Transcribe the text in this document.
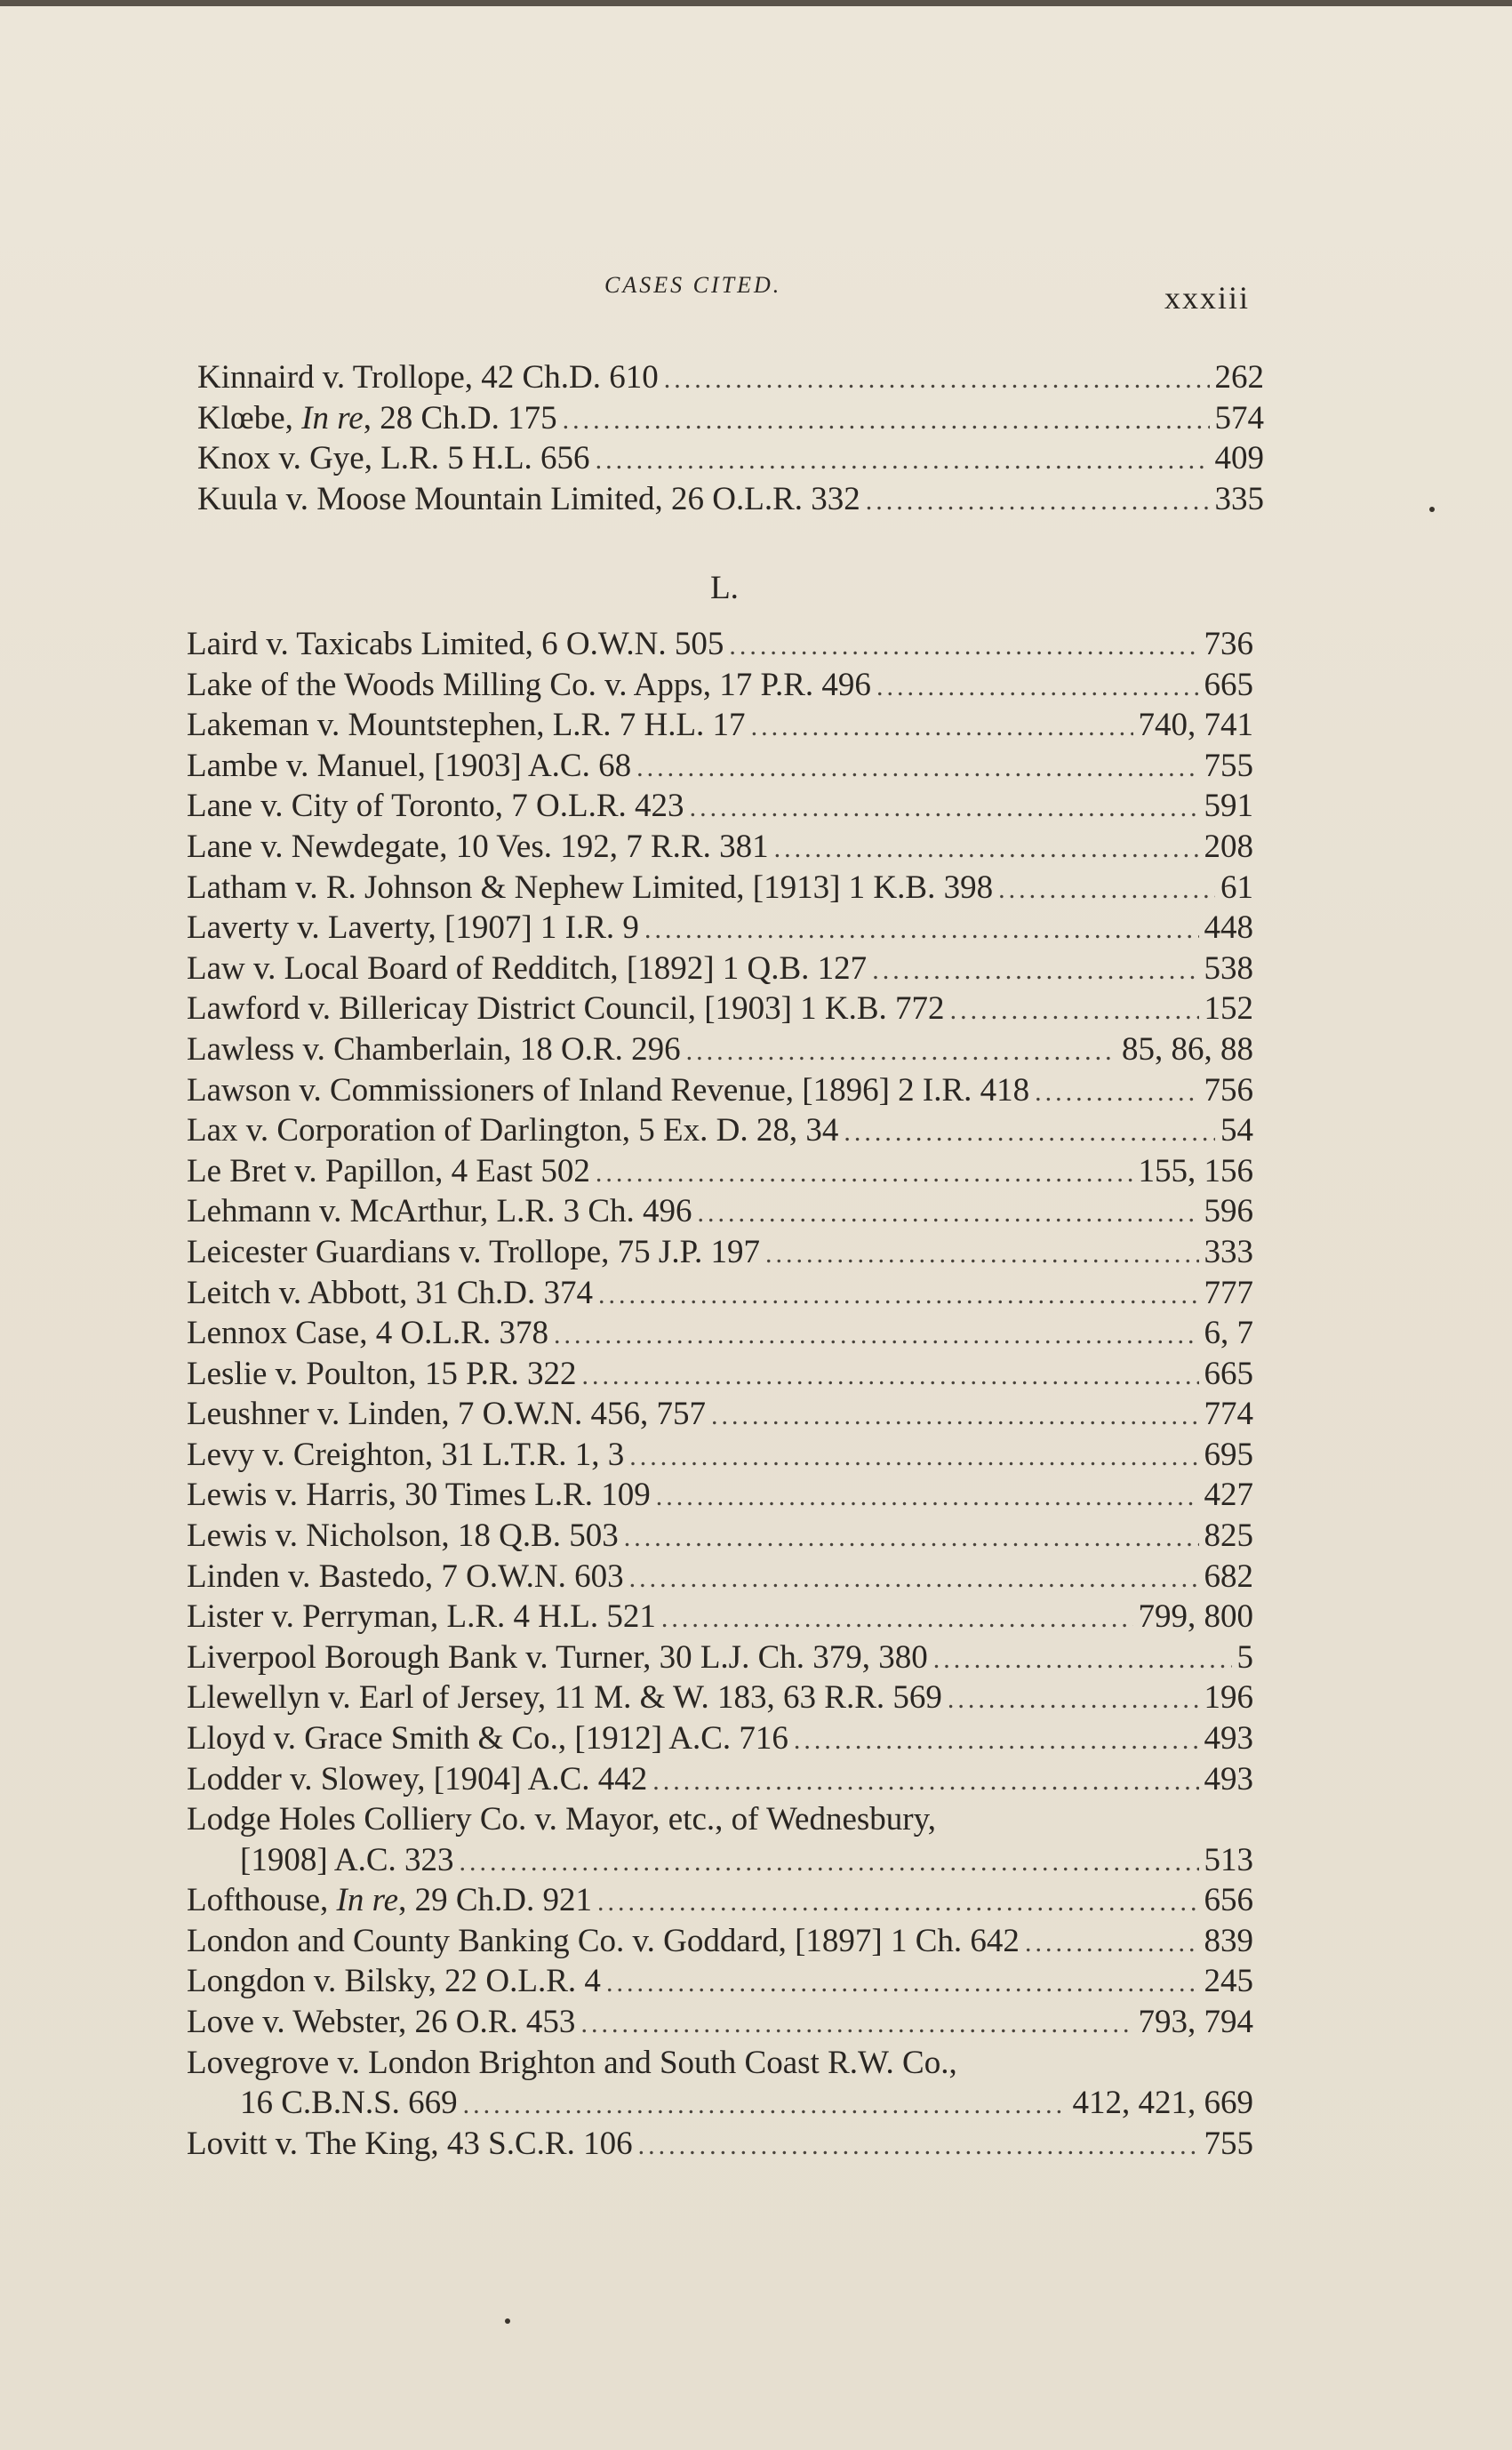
CASES CITED.	xxxiii
Kinnaird v. Trollope, 42 Ch.D. 610 .....	262
Klœbe, In re, 28 Ch.D. 175 .....	574
Knox v. Gye, L.R. 5 H.L. 656 .....	409
Kuula v. Moose Mountain Limited, 26 O.L.R. 332 .....	335
L.
Laird v. Taxicabs Limited, 6 O.W.N. 505 .....	736
Lake of the Woods Milling Co. v. Apps, 17 P.R. 496 .....	665
Lakeman v. Mountstephen, L.R. 7 H.L. 17 .....	740, 741
Lambe v. Manuel, [1903] A.C. 68 .....	755
Lane v. City of Toronto, 7 O.L.R. 423 .....	591
Lane v. Newdegate, 10 Ves. 192, 7 R.R. 381 .....	208
Latham v. R. Johnson & Nephew Limited, [1913] 1 K.B. 398 .....	61
Laverty v. Laverty, [1907] 1 I.R. 9 .....	448
Law v. Local Board of Redditch, [1892] 1 Q.B. 127 .....	538
Lawford v. Billericay District Council, [1903] 1 K.B. 772 .....	152
Lawless v. Chamberlain, 18 O.R. 296 .....	85, 86, 88
Lawson v. Commissioners of Inland Revenue, [1896] 2 I.R. 418 .....	756
Lax v. Corporation of Darlington, 5 Ex. D. 28, 34 .....	54
Le Bret v. Papillon, 4 East 502 .....	155, 156
Lehmann v. McArthur, L.R. 3 Ch. 496 .....	596
Leicester Guardians v. Trollope, 75 J.P. 197 .....	333
Leitch v. Abbott, 31 Ch.D. 374 .....	777
Lennox Case, 4 O.L.R. 378 .....	6, 7
Leslie v. Poulton, 15 P.R. 322 .....	665
Leushner v. Linden, 7 O.W.N. 456, 757 .....	774
Levy v. Creighton, 31 L.T.R. 1, 3 .....	695
Lewis v. Harris, 30 Times L.R. 109 .....	427
Lewis v. Nicholson, 18 Q.B. 503 .....	825
Linden v. Bastedo, 7 O.W.N. 603 .....	682
Lister v. Perryman, L.R. 4 H.L. 521 .....	799, 800
Liverpool Borough Bank v. Turner, 30 L.J. Ch. 379, 380 .....	5
Llewellyn v. Earl of Jersey, 11 M. & W. 183, 63 R.R. 569 .....	196
Lloyd v. Grace Smith & Co., [1912] A.C. 716 .....	493
Lodder v. Slowey, [1904] A.C. 442 .....	493
Lodge Holes Colliery Co. v. Mayor, etc., of Wednesbury,
[1908] A.C. 323 .....	513
Lofthouse, In re, 29 Ch.D. 921 .....	656
London and County Banking Co. v. Goddard, [1897] 1 Ch. 642 .....	839
Longdon v. Bilsky, 22 O.L.R. 4 .....	245
Love v. Webster, 26 O.R. 453 .....	793, 794
Lovegrove v. London Brighton and South Coast R.W. Co.,
16 C.B.N.S. 669 .....	412, 421, 669
Lovitt v. The King, 43 S.C.R. 106 .....	755
